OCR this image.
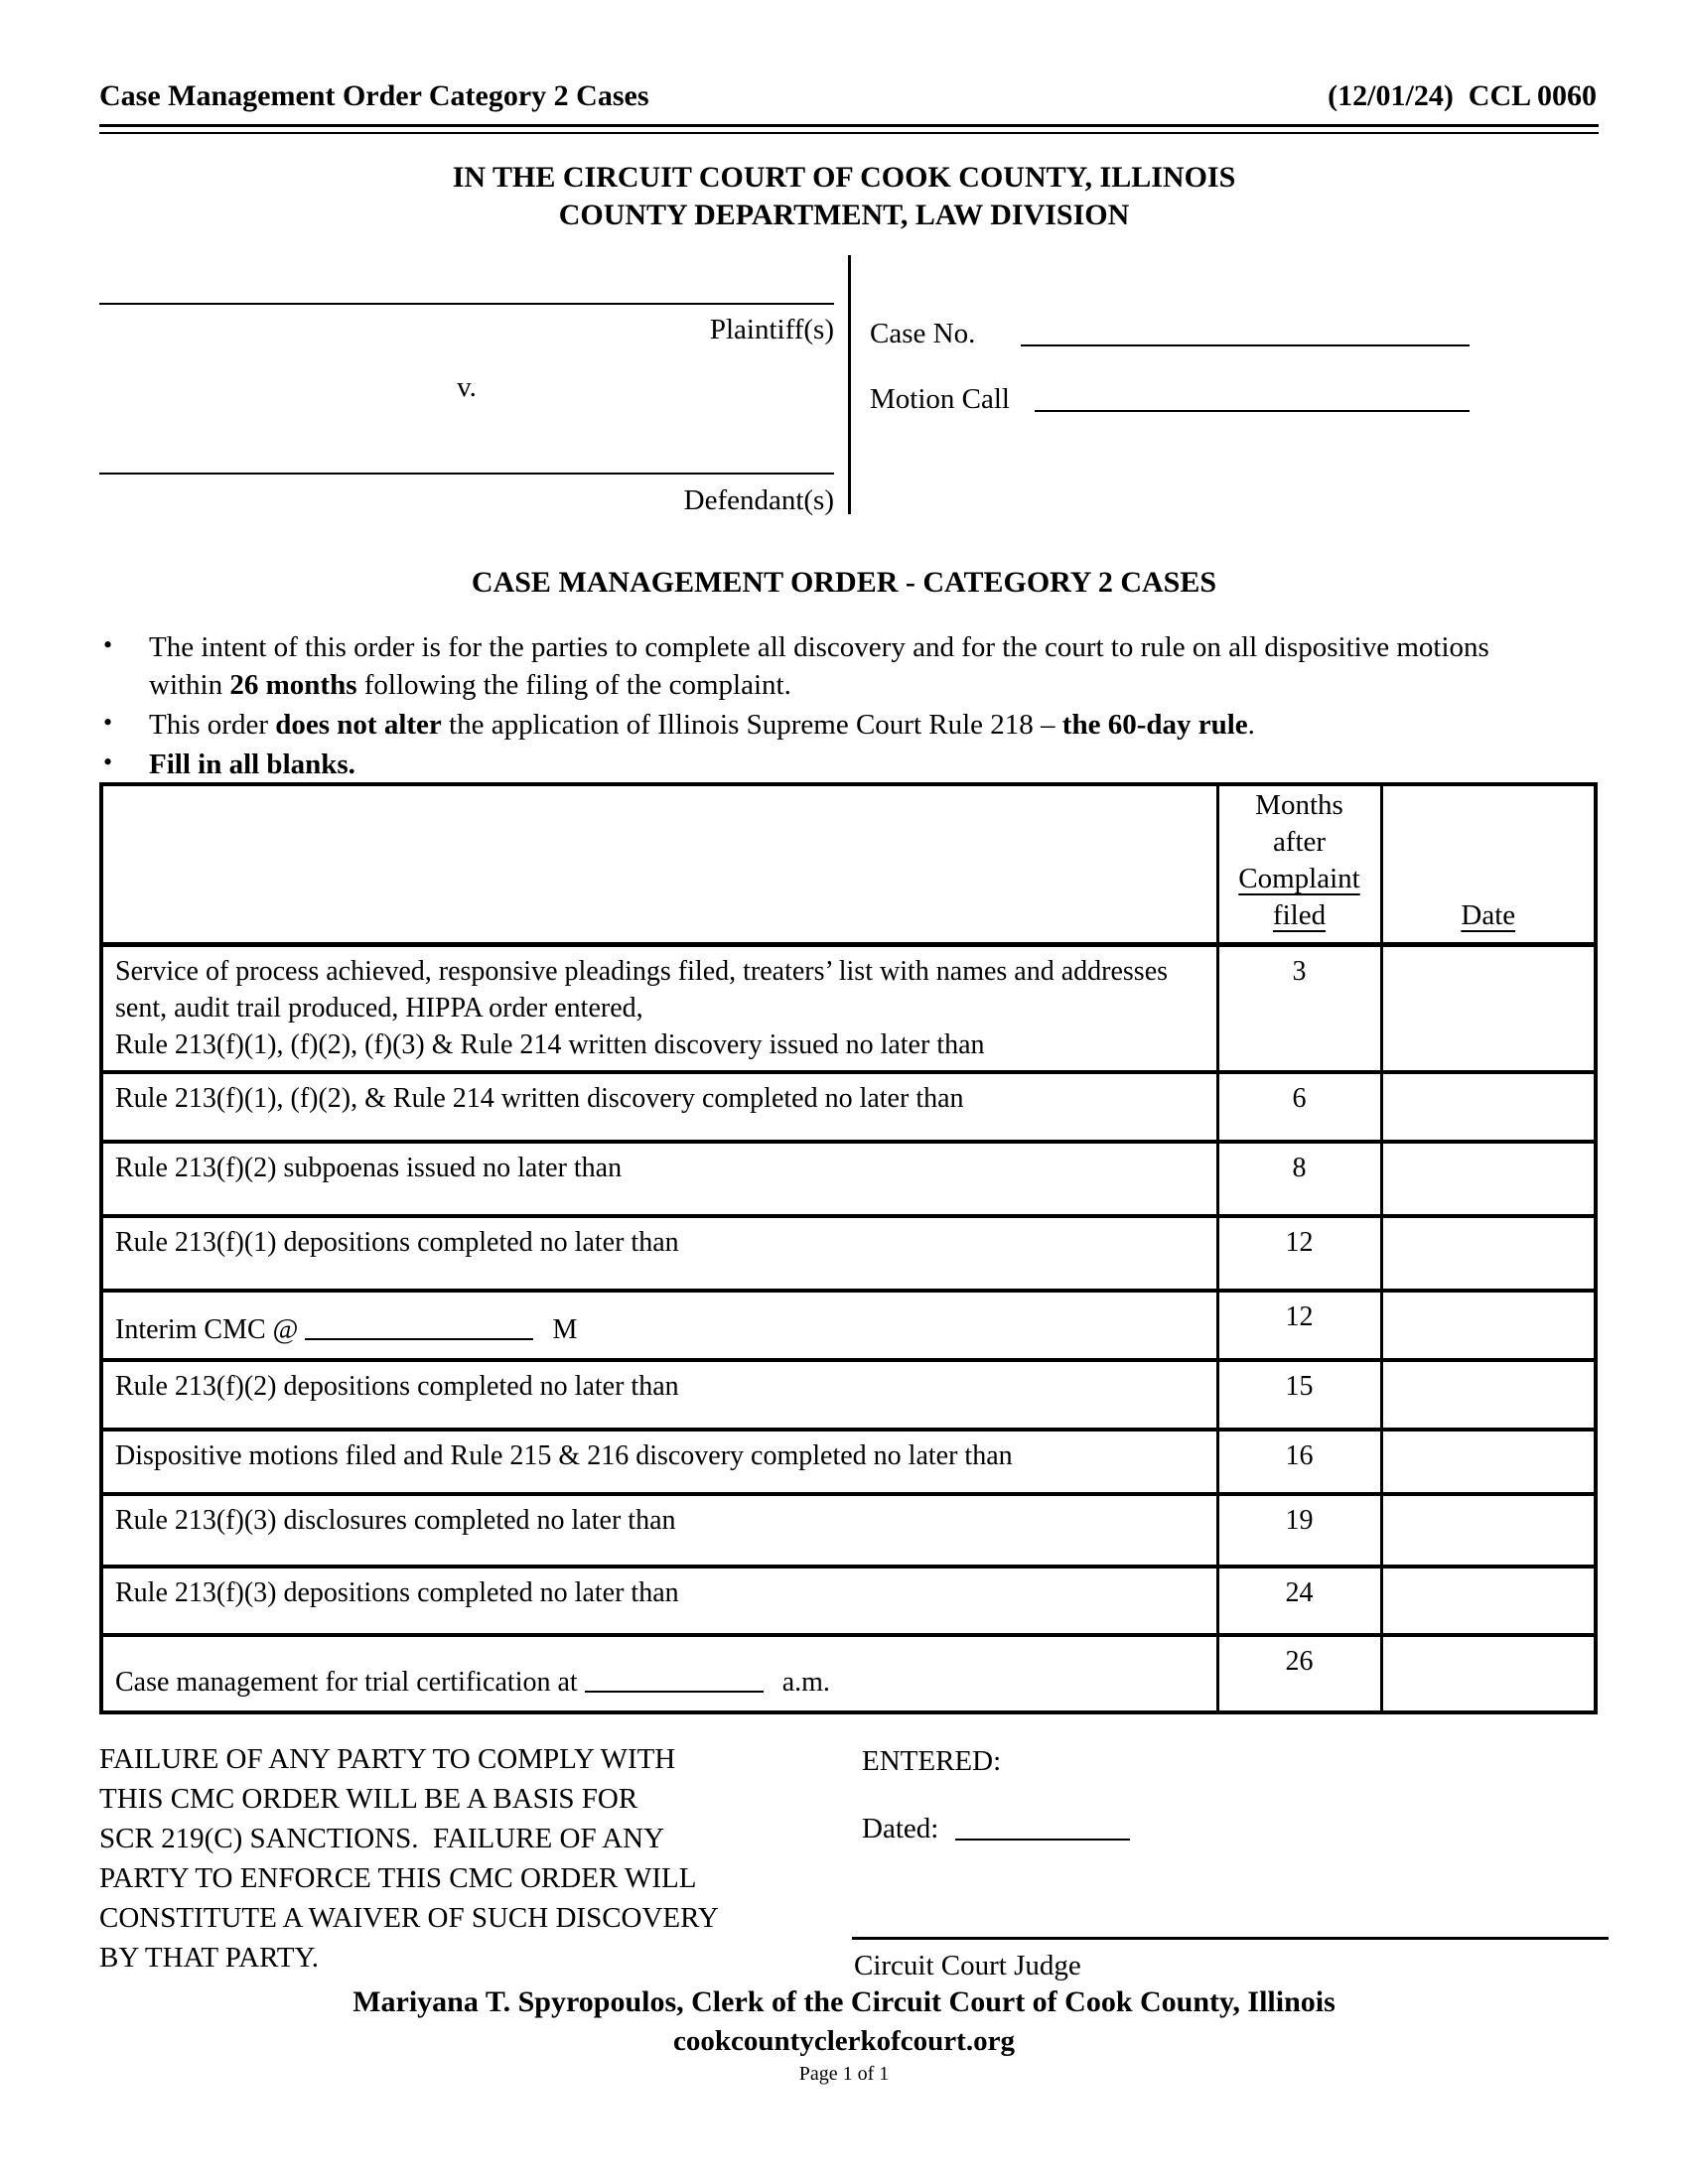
Case Management Order Category 2 Cases	(12/01/24)  CCL 0060
IN THE CIRCUIT COURT OF COOK COUNTY, ILLINOIS
COUNTY DEPARTMENT, LAW DIVISION
Plaintiff(s)
v.
Defendant(s)
Case No.
Motion Call
CASE MANAGEMENT ORDER - CATEGORY 2 CASES
• The intent of this order is for the parties to complete all discovery and for the court to rule on all dispositive motions within 26 months following the filing of the complaint.
• This order does not alter the application of Illinois Supreme Court Rule 218 – the 60-day rule.
• Fill in all blanks.

	Months
after
Complaint
filed	Date

Service of process achieved, responsive pleadings filed, treaters’ list with names and addresses sent, audit trail produced, HIPPA order entered,
Rule 213(f)(1), (f)(2), (f)(3) & Rule 214 written discovery issued no later than	3	

Rule 213(f)(1), (f)(2), & Rule 214 written discovery completed no later than	6	

Rule 213(f)(2) subpoenas issued no later than	8	

Rule 213(f)(1) depositions completed no later than	12	

Interim CMC @ M	12	

Rule 213(f)(2) depositions completed no later than	15	

Dispositive motions filed and Rule 215 & 216 discovery completed no later than	16	

Rule 213(f)(3) disclosures completed no later than	19	

Rule 213(f)(3) depositions completed no later than	24	

Case management for trial certification at a.m.	26	
FAILURE OF ANY PARTY TO COMPLY WITH
THIS CMC ORDER WILL BE A BASIS FOR
SCR 219(C) SANCTIONS.  FAILURE OF ANY
PARTY TO ENFORCE THIS CMC ORDER WILL
CONSTITUTE A WAIVER OF SUCH DISCOVERY
BY THAT PARTY.
ENTERED:
Dated:
Circuit Court Judge
Mariyana T. Spyropoulos, Clerk of the Circuit Court of Cook County, Illinois
cookcountyclerkofcourt.org
Page 1 of 1
